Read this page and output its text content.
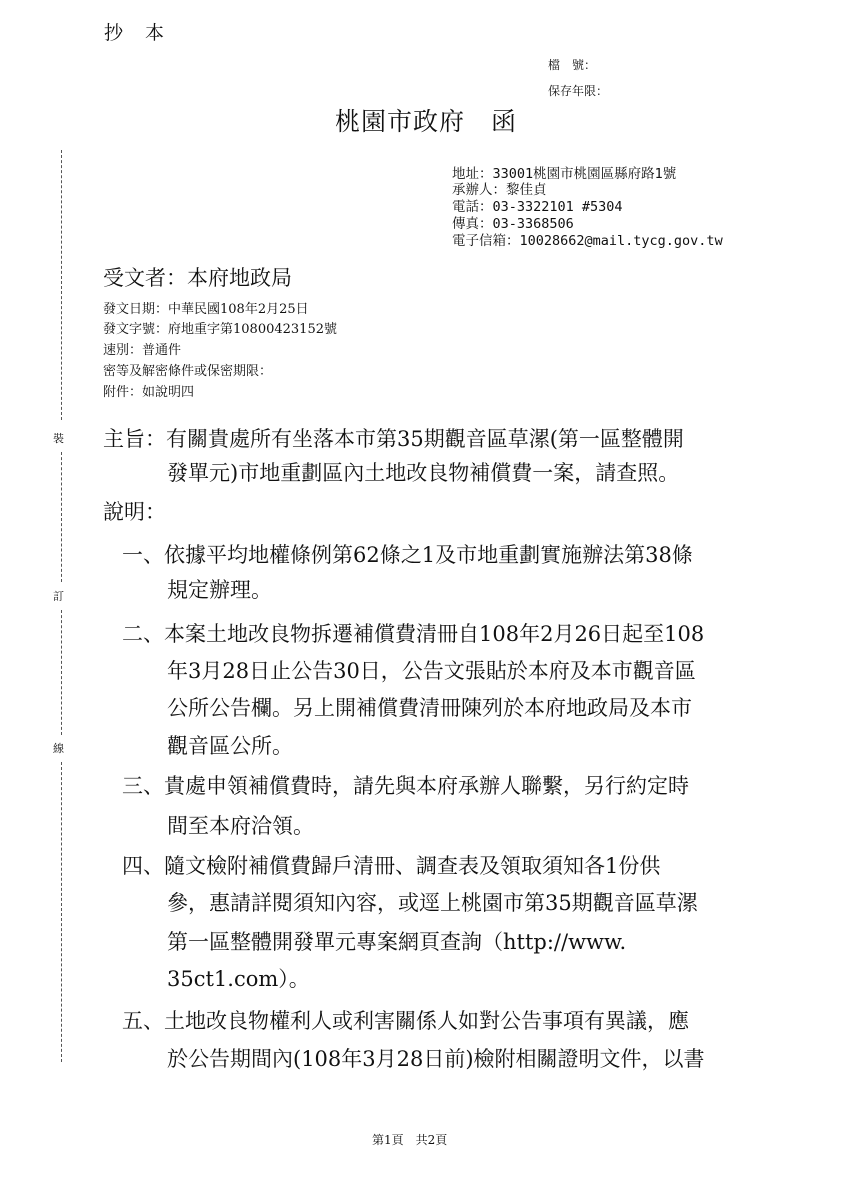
抄本
檔　號：
保存年限：
桃園市政府　函
地址：33001桃園市桃園區縣府路1號
承辦人：黎佳貞
電話：03-3322101 #5304
傳真：03-3368506
電子信箱：10028662@mail.tycg.gov.tw
受文者：本府地政局
發文日期：中華民國108年2月25日
發文字號：府地重字第10800423152號
速別：普通件
密等及解密條件或保密期限：
附件：如說明四
主旨：有關貴處所有坐落本市第35期觀音區草漯(第一區整體開
發單元)市地重劃區內土地改良物補償費一案，請查照。
說明：
一、依據平均地權條例第62條之1及市地重劃實施辦法第38條
規定辦理。
二、本案土地改良物拆遷補償費清冊自108年2月26日起至108
年3月28日止公告30日，公告文張貼於本府及本市觀音區
公所公告欄。另上開補償費清冊陳列於本府地政局及本市
觀音區公所。
三、貴處申領補償費時，請先與本府承辦人聯繫，另行約定時
間至本府洽領。
四、隨文檢附補償費歸戶清冊、調查表及領取須知各1份供
參，惠請詳閱須知內容，或逕上桃園市第35期觀音區草漯
第一區整體開發單元專案網頁查詢（http://www.
35ct1.com）。
五、土地改良物權利人或利害關係人如對公告事項有異議，應
於公告期間內(108年3月28日前)檢附相關證明文件，以書
裝
訂
線
第1頁　共2頁
